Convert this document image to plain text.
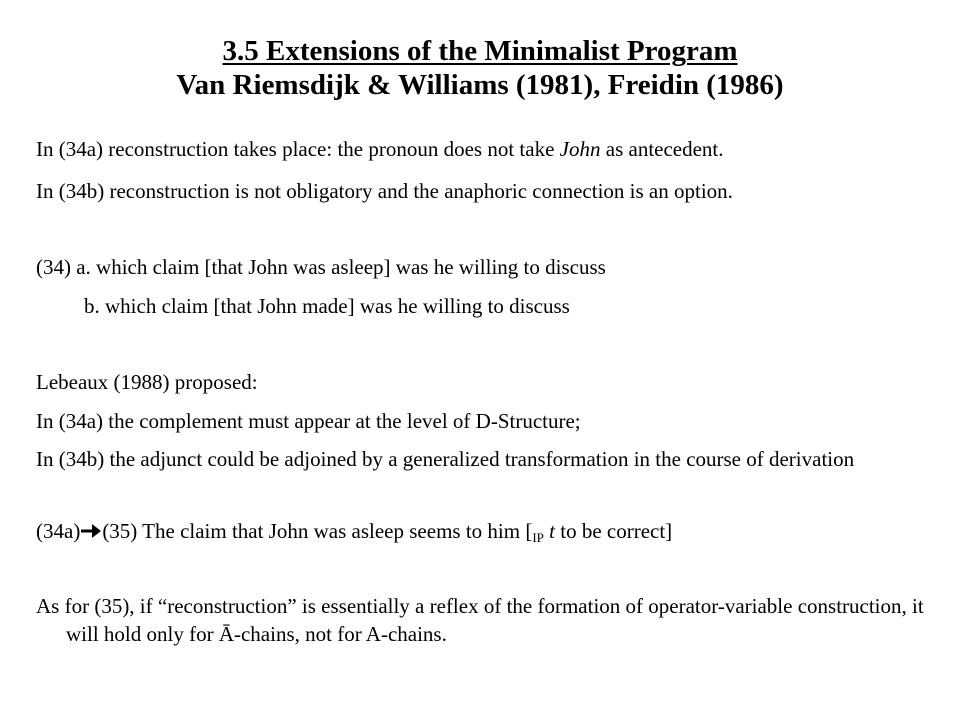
3.5 Extensions of the Minimalist Program
Van Riemsdijk & Williams (1981), Freidin (1986)
In (34a) reconstruction takes place: the pronoun does not take John as antecedent.
In (34b) reconstruction is not obligatory and the anaphoric connection is an option.
(34) a. which claim [that John was asleep] was he willing to discuss
b. which claim [that John made] was he willing to discuss
Lebeaux (1988) proposed:
In (34a) the complement must appear at the level of D-Structure;
In (34b) the adjunct could be adjoined by a generalized transformation in the course of derivation
(34a) (35) The claim that John was asleep seems to him [$_{IP}$ t to be correct]
As for (35), if “reconstruction” is essentially a reflex of the formation of operator-variable construction, it will hold only for Ā-chains, not for A-chains.
